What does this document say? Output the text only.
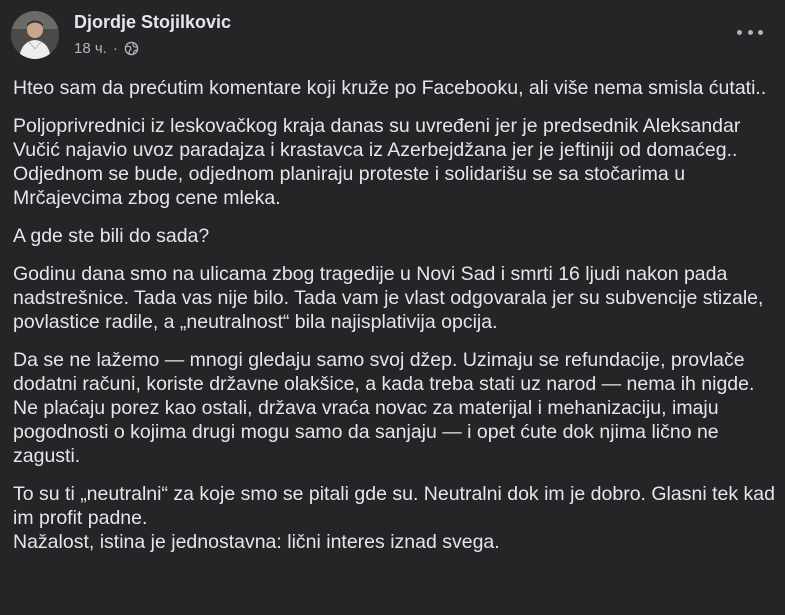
Djordje Stojilkovic
18 ч. ·

Hteo sam da prećutim komentare koji kruže po Facebooku, ali više nema smisla ćutati..

Poljoprivrednici iz leskovačkog kraja danas su uvređeni jer je predsednik Aleksandar Vučić najavio uvoz paradajza i krastavca iz Azerbejdžana jer je jeftiniji od domaćeg.. Odjednom se bude, odjednom planiraju proteste i solidarišu se sa stočarima u Mrčajevcima zbog cene mleka.

A gde ste bili do sada?

Godinu dana smo na ulicama zbog tragedije u Novi Sad i smrti 16 ljudi nakon pada nadstrešnice. Tada vas nije bilo. Tada vam je vlast odgovarala jer su subvencije stizale, povlastice radile, a „neutralnost“ bila najisplativija opcija.

Da se ne lažemo — mnogi gledaju samo svoj džep. Uzimaju se refundacije, provlače dodatni računi, koriste državne olakšice, a kada treba stati uz narod — nema ih nigde. Ne plaćaju porez kao ostali, država vraća novac za materijal i mehanizaciju, imaju pogodnosti o kojima drugi mogu samo da sanjaju — i opet ćute dok njima lično ne zagusti.

To su ti „neutralni“ za koje smo se pitali gde su. Neutralni dok im je dobro. Glasni tek kad im profit padne.

Nažalost, istina je jednostavna: lični interes iznad svega.
